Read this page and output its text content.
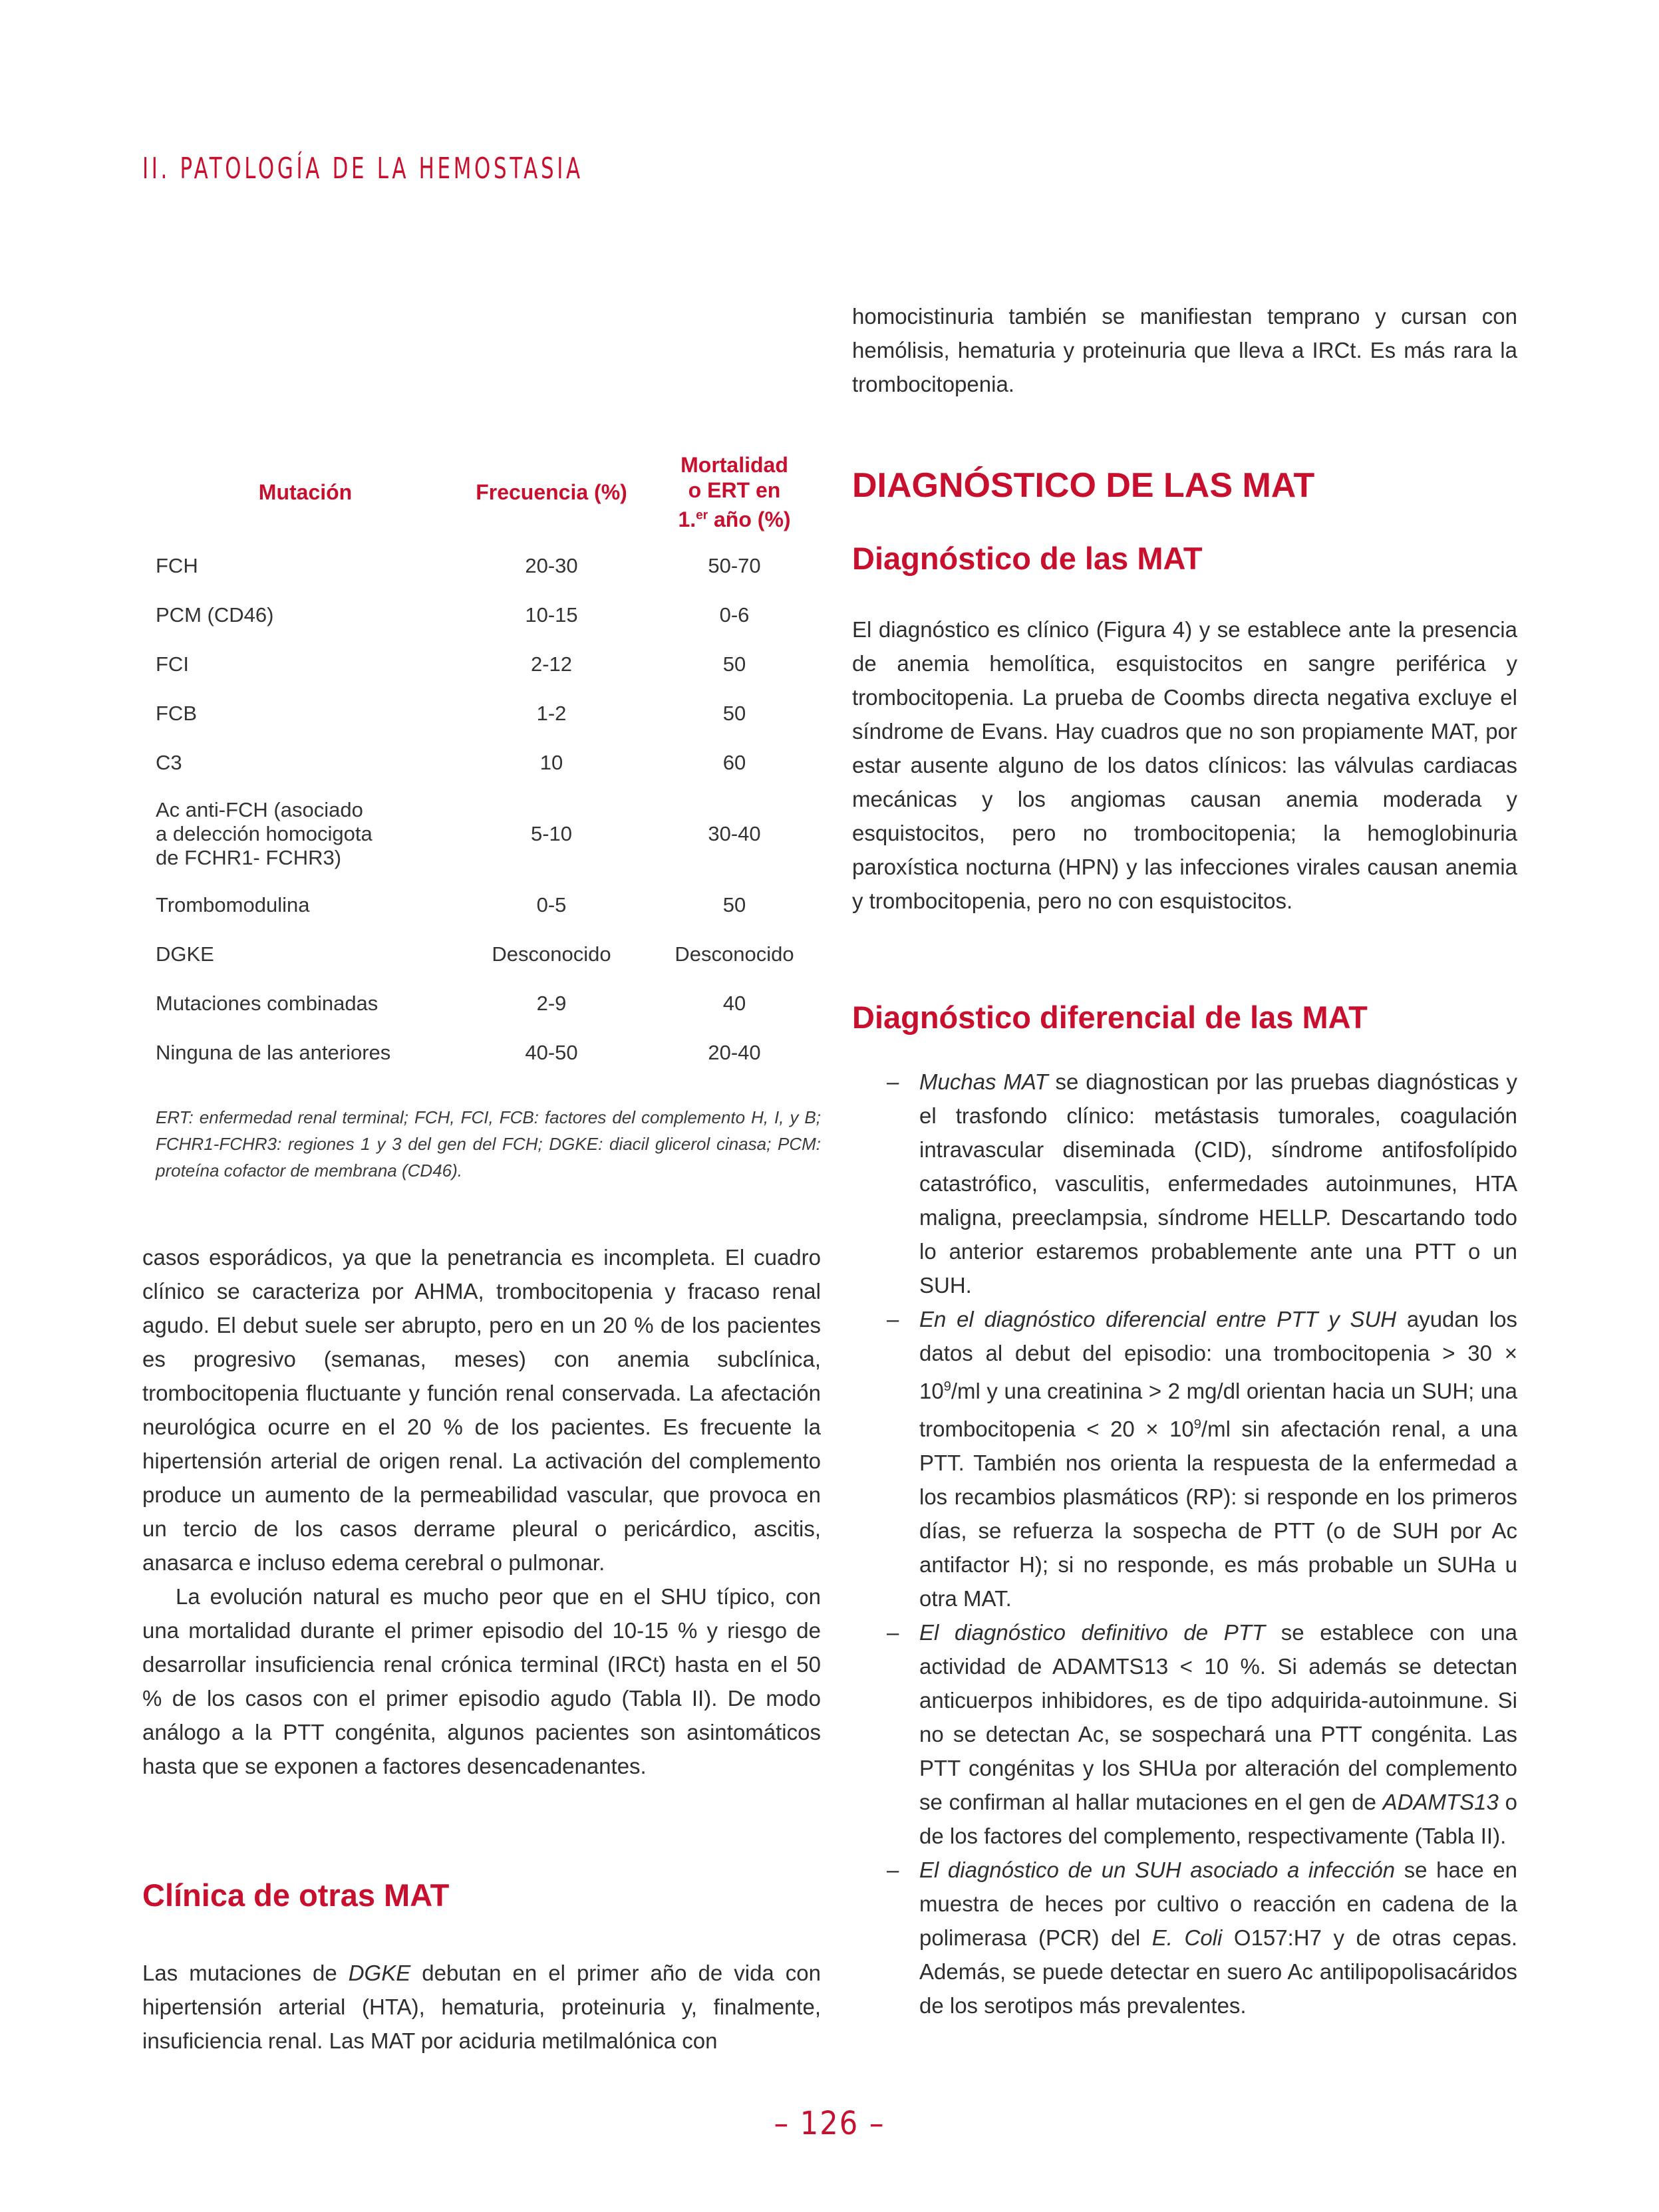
II. PATOLOGÍA DE LA HEMOSTASIA
Mutación	Frecuencia (%)	Mortalidad
o ERT en
1.$^{er}$ año (%)
FCH	20-30	50-70
PCM (CD46)	10-15	0-6
FCI	2-12	50
FCB	1-2	50
C3	10	60
Ac anti-FCH (asociado
a delección homocigota
de FCHR1- FCHR3)	5-10	30-40
Trombomodulina	0-5	50
DGKE	Desconocido	Desconocido
Mutaciones combinadas	2-9	40
Ninguna de las anteriores	40-50	20-40

ERT: enfermedad renal terminal; FCH, FCI, FCB: factores del complemento H, I, y B; FCHR1-FCHR3: regiones 1 y 3 del gen del FCH; DGKE: diacil glicerol cinasa; PCM: proteína cofactor de membrana (CD46).

casos esporádicos, ya que la penetrancia es incompleta. El cuadro clínico se caracteriza por AHMA, trombocitopenia y fracaso renal agudo. El debut suele ser abrupto, pero en un 20 % de los pacientes es progresivo (semanas, meses) con anemia subclínica, trombocitopenia fluctuante y función renal conservada. La afectación neurológica ocurre en el 20 % de los pacientes. Es frecuente la hipertensión arterial de origen renal. La activación del complemento produce un aumento de la permeabilidad vascular, que provoca en un tercio de los casos derrame pleural o pericárdico, ascitis, anasarca e incluso edema cerebral o pulmonar.

La evolución natural es mucho peor que en el SHU típico, con una mortalidad durante el primer episodio del 10-15 % y riesgo de desarrollar insuficiencia renal crónica terminal (IRCt) hasta en el 50 % de los casos con el primer episodio agudo (Tabla II). De modo análogo a la PTT congénita, algunos pacientes son asintomáticos hasta que se exponen a factores desencadenantes.

Clínica de otras MAT

Las mutaciones de DGKE debutan en el primer año de vida con hipertensión arterial (HTA), hematuria, proteinuria y, finalmente, insuficiencia renal. Las MAT por aciduria metilmalónica con

homocistinuria también se manifiestan temprano y cursan con hemólisis, hematuria y proteinuria que lleva a IRCt. Es más rara la trombocitopenia.

DIAGNÓSTICO DE LAS MAT
Diagnóstico de las MAT

El diagnóstico es clínico (Figura 4) y se establece ante la presencia de anemia hemolítica, esquistocitos en sangre periférica y trombocitopenia. La prueba de Coombs directa negativa excluye el síndrome de Evans. Hay cuadros que no son propiamente MAT, por estar ausente alguno de los datos clínicos: las válvulas cardiacas mecánicas y los angiomas causan anemia moderada y esquistocitos, pero no trombocitopenia; la hemoglobinuria paroxística nocturna (HPN) y las infecciones virales causan anemia y trombocitopenia, pero no con esquistocitos.

Diagnóstico diferencial de las MAT
– Muchas MAT se diagnostican por las pruebas diagnósticas y el trasfondo clínico: metástasis tumorales, coagulación intravascular diseminada (CID), síndrome antifosfolípido catastrófico, vasculitis, enfermedades autoinmunes, HTA maligna, preeclampsia, síndrome HELLP. Descartando todo lo anterior estaremos probablemente ante una PTT o un SUH.
– En el diagnóstico diferencial entre PTT y SUH ayudan los datos al debut del episodio: una trombocitopenia > $30 \times 10^9/ml$ y una creatinina > 2 mg/dl orientan hacia un SUH; una trombocitopenia < $20 \times 10^9/ml$ sin afectación renal, a una PTT. También nos orienta la respuesta de la enfermedad a los recambios plasmáticos (RP): si responde en los primeros días, se refuerza la sospecha de PTT (o de SUH por Ac antifactor H); si no responde, es más probable un SUHa u otra MAT.
– El diagnóstico definitivo de PTT se establece con una actividad de ADAMTS13 < 10 %. Si además se detectan anticuerpos inhibidores, es de tipo adquirida-autoinmune. Si no se detectan Ac, se sospechará una PTT congénita. Las PTT congénitas y los SHUa por alteración del complemento se confirman al hallar mutaciones en el gen de ADAMTS13 o de los factores del complemento, respectivamente (Tabla II).
– El diagnóstico de un SUH asociado a infección se hace en muestra de heces por cultivo o reacción en cadena de la polimerasa (PCR) del E. Coli O157:H7 y de otras cepas. Además, se puede detectar en suero Ac antilipopolisacáridos de los serotipos más prevalentes.
– 126 –
